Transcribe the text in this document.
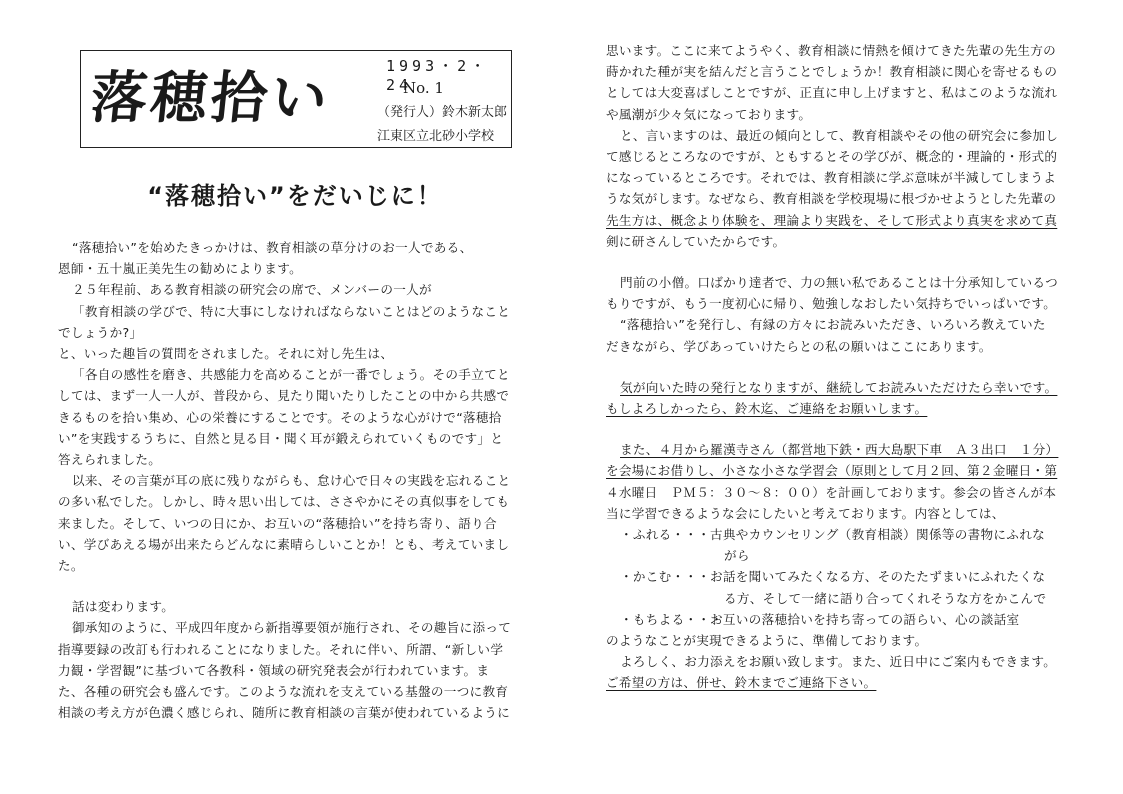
落穂拾い	1993・2・24
No. 1
（発行人）鈴木新太郎
江東区立北砂小学校
“落穂拾い”をだいじに！

“落穂拾い”を始めたきっかけは、教育相談の草分けのお一人である、

恩師・五十嵐正美先生の勧めによります。

２５年程前、ある教育相談の研究会の席で、メンバーの一人が

「教育相談の学びで、特に大事にしなければならないことはどのようなこと

でしょうか?」

と、いった趣旨の質問をされました。それに対し先生は、

「各自の感性を磨き、共感能力を高めることが一番でしょう。その手立てと

しては、まず一人一人が、普段から、見たり聞いたりしたことの中から共感で

きるものを拾い集め、心の栄養にすることです。そのような心がけで“落穂拾

い”を実践するうちに、自然と見る目・聞く耳が鍛えられていくものです」と

答えられました。

以来、その言葉が耳の底に残りながらも、怠け心で日々の実践を忘れること

の多い私でした。しかし、時々思い出しては、ささやかにその真似事をしても

来ました。そして、いつの日にか、お互いの“落穂拾い”を持ち寄り、語り合

い、学びあえる場が出来たらどんなに素晴らしいことか！とも、考えていまし

た。

話は変わります。

御承知のように、平成四年度から新指導要領が施行され、その趣旨に添って

指導要録の改訂も行われることになりました。それに伴い、所謂、“新しい学

力観・学習観”に基づいて各教科・領域の研究発表会が行われています。ま

た、各種の研究会も盛んです。このような流れを支えている基盤の一つに教育

相談の考え方が色濃く感じられ、随所に教育相談の言葉が使われているように

思います。ここに来てようやく、教育相談に情熱を傾けてきた先輩の先生方の

蒔かれた種が実を結んだと言うことでしょうか！教育相談に関心を寄せるもの

としては大変喜ばしことですが、正直に申し上げますと、私はこのような流れ

や風潮が少々気になっております。

と、言いますのは、最近の傾向として、教育相談やその他の研究会に参加し

て感じるところなのですが、ともするとその学びが、概念的・理論的・形式的

になっているところです。それでは、教育相談に学ぶ意味が半減してしまうよ

うな気がします。なぜなら、教育相談を学校現場に根づかせようとした先輩の

先生方は、概念より体験を、理論より実践を、そして形式より真実を求めて真

剣に研さんしていたからです。

門前の小僧。口ばかり達者で、力の無い私であることは十分承知しているつ

もりですが、もう一度初心に帰り、勉強しなおしたい気持ちでいっぱいです。

“落穂拾い”を発行し、有縁の方々にお読みいただき、いろいろ教えていた

だきながら、学びあっていけたらとの私の願いはここにあります。

気が向いた時の発行となりますが、継続してお読みいただけたら幸いです。

もしよろしかったら、鈴木迄、ご連絡をお願いします。

また、４月から羅漢寺さん（都営地下鉄・西大島駅下車　Ａ３出口　１分）

を会場にお借りし、小さな小さな学習会（原則として月２回、第２金曜日・第

４水曜日　ＰＭ５：３０〜８：００）を計画しております。参会の皆さんが本

当に学習できるような会にしたいと考えております。内容としては、

・ふれる・・・ 古典やカウンセリング（教育相談）関係等の書物にふれな

がら

・かこむ・・・ お話を聞いてみたくなる方、そのたたずまいにふれたくな

る方、そして一緒に語り合ってくれそうな方をかこんで

・もちよる・・・
お互いの落穂拾いを持ち寄っての語らい、心の談話室

のようなことが実現できるように、準備しております。

よろしく、お力添えをお願い致します。また、近日中にご案内もできます。

ご希望の方は、併せ、鈴木までご連絡下さい。
